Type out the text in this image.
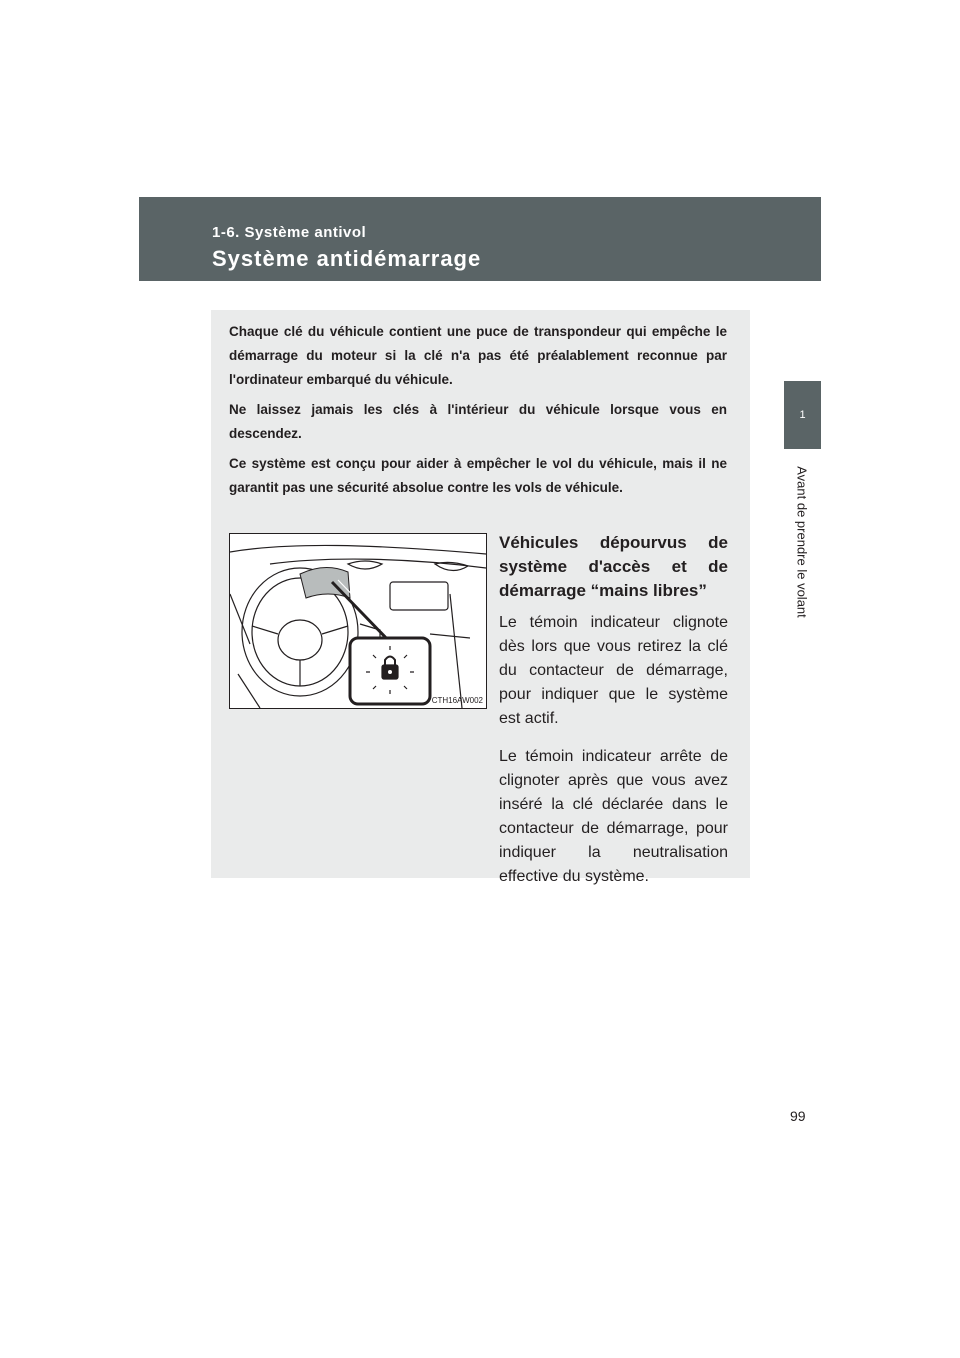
1-6. Système antivol
Système antidémarrage
1
Avant de prendre le volant

Chaque clé du véhicule contient une puce de transpondeur qui empêche le démarrage du moteur si la clé n'a pas été préalablement reconnue par l'ordinateur embarqué du véhicule.

Ne laissez jamais les clés à l'intérieur du véhicule lorsque vous en descendez.

Ce système est conçu pour aider à empêcher le vol du véhicule, mais il ne garantit pas une sécurité absolue contre les vols de véhicule.

CTH16AW002
Véhicules dépourvus de
système d'accès et de
démarrage “mains libres”

Le témoin indicateur clignote dès lors que vous retirez la clé du contacteur de démarrage, pour indiquer que le système est actif.

Le témoin indicateur arrête de clignoter après que vous avez inséré la clé déclarée dans le contacteur de démarrage, pour indiquer la neutralisation effective du système.

99
